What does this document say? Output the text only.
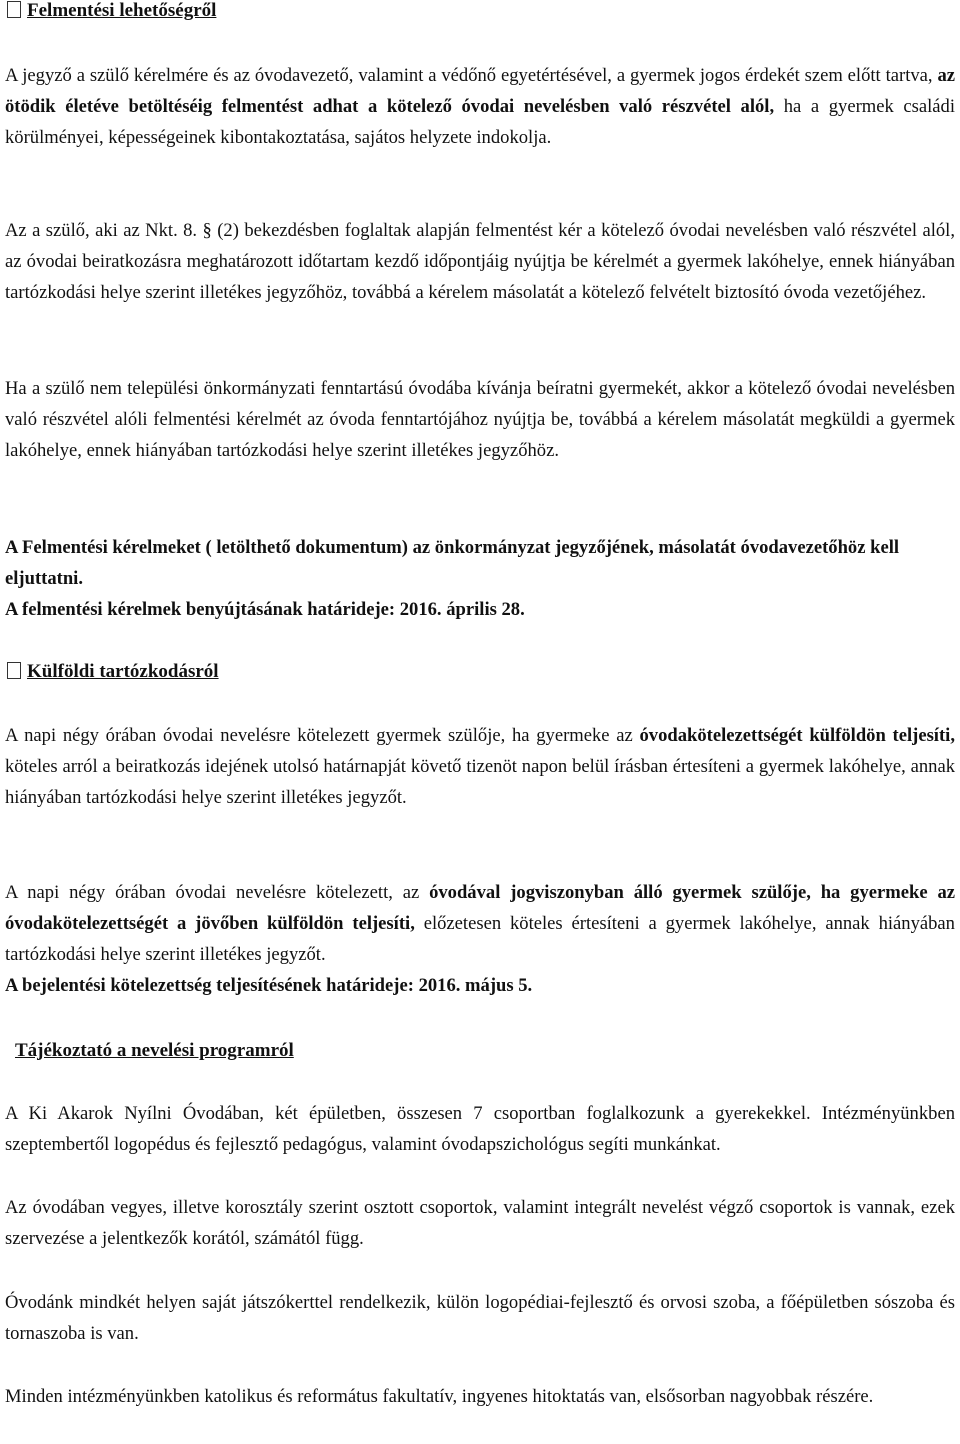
Felmentési lehetőségről

A jegyző a szülő kérelmére és az óvodavezető, valamint a védőnő egyetértésével, a gyermek jogos érdekét szem előtt tartva, az ötödik életéve betöltéséig felmentést adhat a kötelező óvodai nevelésben való részvétel alól, ha a gyermek családi körülményei, képességeinek kibontakoztatása, sajátos helyzete indokolja.

Az a szülő, aki az Nkt. 8. § (2) bekezdésben foglaltak alapján felmentést kér a kötelező óvodai nevelésben való részvétel alól, az óvodai beiratkozásra meghatározott időtartam kezdő időpontjáig nyújtja be kérelmét a gyermek lakóhelye, ennek hiányában tartózkodási helye szerint illetékes jegyzőhöz, továbbá a kérelem másolatát a kötelező felvételt biztosító óvoda vezetőjéhez.

Ha a szülő nem települési önkormányzati fenntartású óvodába kívánja beíratni gyermekét, akkor a kötelező óvodai nevelésben való részvétel alóli felmentési kérelmét az óvoda fenntartójához nyújtja be, továbbá a kérelem másolatát megküldi a gyermek lakóhelye, ennek hiányában tartózkodási helye szerint illetékes jegyzőhöz.

A Felmentési kérelmeket ( letölthető dokumentum) az önkormányzat jegyzőjének, másolatát óvodavezetőhöz kell eljuttatni.

A felmentési kérelmek benyújtásának határideje: 2016. április 28.

Külföldi tartózkodásról

A napi négy órában óvodai nevelésre kötelezett gyermek szülője, ha gyermeke az óvodakötelezettségét külföldön teljesíti, köteles arról a beiratkozás idejének utolsó határnapját követő tizenöt napon belül írásban értesíteni a gyermek lakóhelye, annak hiányában tartózkodási helye szerint illetékes jegyzőt.

A napi négy órában óvodai nevelésre kötelezett, az óvodával jogviszonyban álló gyermek szülője, ha gyermeke az óvodakötelezettségét a jövőben külföldön teljesíti, előzetesen köteles értesíteni a gyermek lakóhelye, annak hiányában tartózkodási helye szerint illetékes jegyzőt.

A bejelentési kötelezettség teljesítésének határideje: 2016. május 5.

Tájékoztató a nevelési programról

A Ki Akarok Nyílni Óvodában, két épületben, összesen 7 csoportban foglalkozunk a gyerekekkel. Intézményünkben szeptembertől logopédus és fejlesztő pedagógus, valamint óvodapszichológus segíti munkánkat.

Az óvodában vegyes, illetve korosztály szerint osztott csoportok, valamint integrált nevelést végző csoportok is vannak, ezek szervezése a jelentkezők korától, számától függ.

Óvodánk mindkét helyen saját játszókerttel rendelkezik, külön logopédiai-fejlesztő és orvosi szoba, a főépületben sószoba és tornaszoba is van.

Minden intézményünkben katolikus és református fakultatív, ingyenes hitoktatás van, elsősorban nagyobbak részére.
